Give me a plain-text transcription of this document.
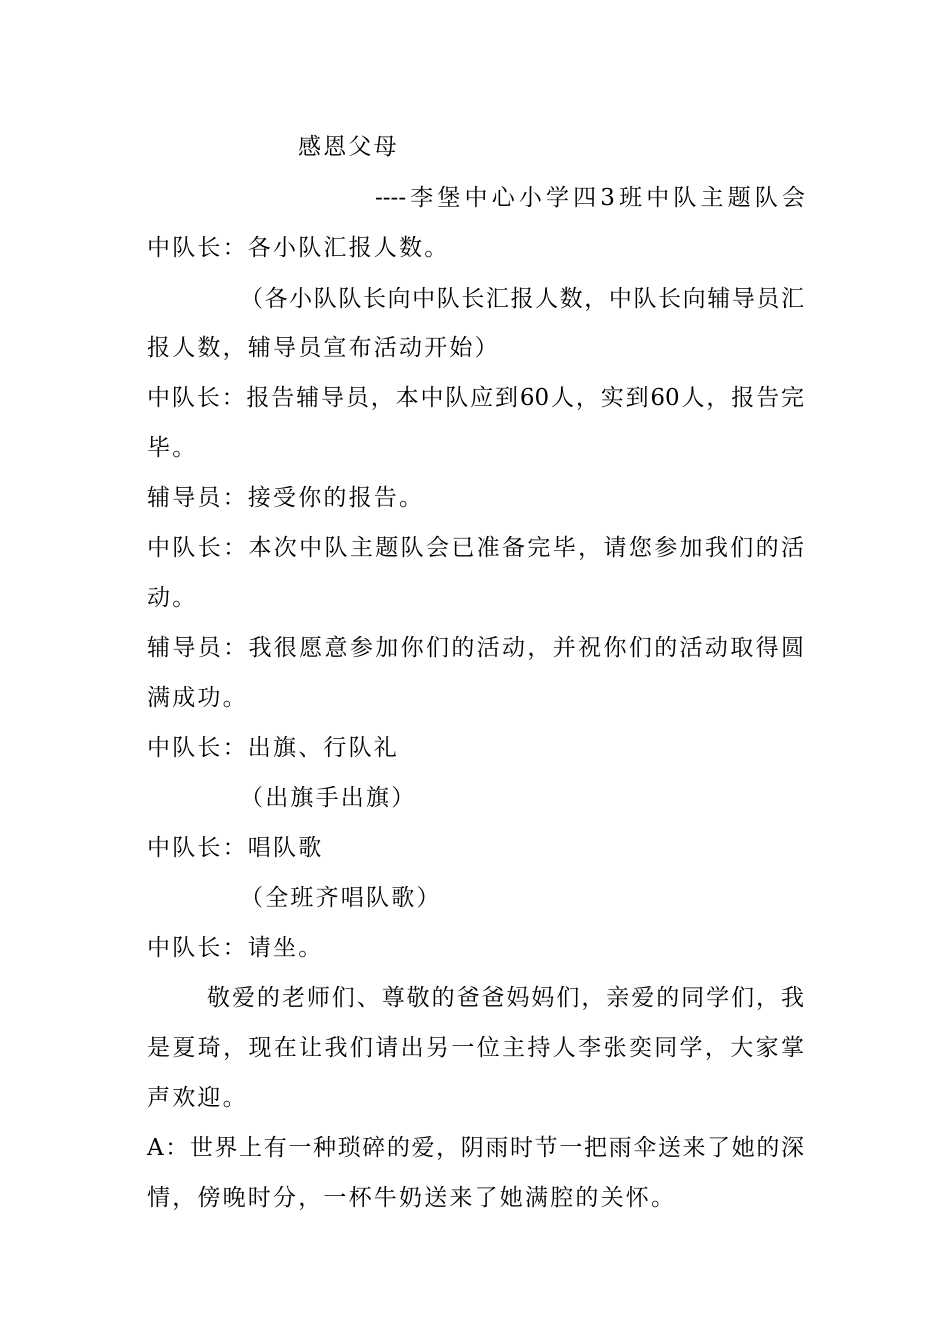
感恩父母
----李堡中心小学四3班中队主题队会
中队长：各小队汇报人数。
（各小队队长向中队长汇报人数，中队长向辅导员汇
报人数，辅导员宣布活动开始）
中队长：报告辅导员，本中队应到60人，实到60人，报告完
毕。
辅导员：接受你的报告。
中队长：本次中队主题队会已准备完毕，请您参加我们的活
动。
辅导员：我很愿意参加你们的活动，并祝你们的活动取得圆
满成功。
中队长：出旗、行队礼
（出旗手出旗）
中队长：唱队歌
（全班齐唱队歌）
中队长：请坐。
敬爱的老师们、尊敬的爸爸妈妈们，亲爱的同学们，我
是夏琦，现在让我们请出另一位主持人李张奕同学，大家掌
声欢迎。
A：世界上有一种琐碎的爱，阴雨时节一把雨伞送来了她的深
情，傍晚时分，一杯牛奶送来了她满腔的关怀。
